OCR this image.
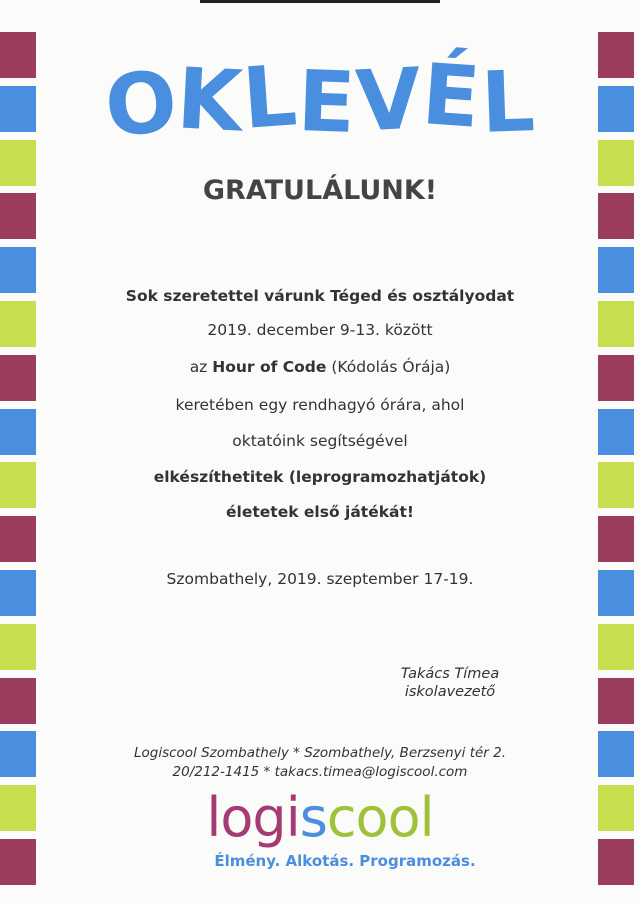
OKLEVÉL
GRATULÁLUNK!
Sok szeretettel várunk Téged és osztályodat
2019. december 9-13. között
az Hour of Code (Kódolás Órája)
keretében egy rendhagyó órára, ahol
oktatóink segítségével
elkészíthetitek (leprogramozhatjátok)
életetek első játékát!
Szombathely, 2019. szeptember 17-19.
Takács Tímea
iskolavezető
Logiscool Szombathely * Szombathely, Berzsenyi tér 2.
20/212-1415 * takacs.timea@logiscool.com
logiscool
Élmény. Alkotás. Programozás.
